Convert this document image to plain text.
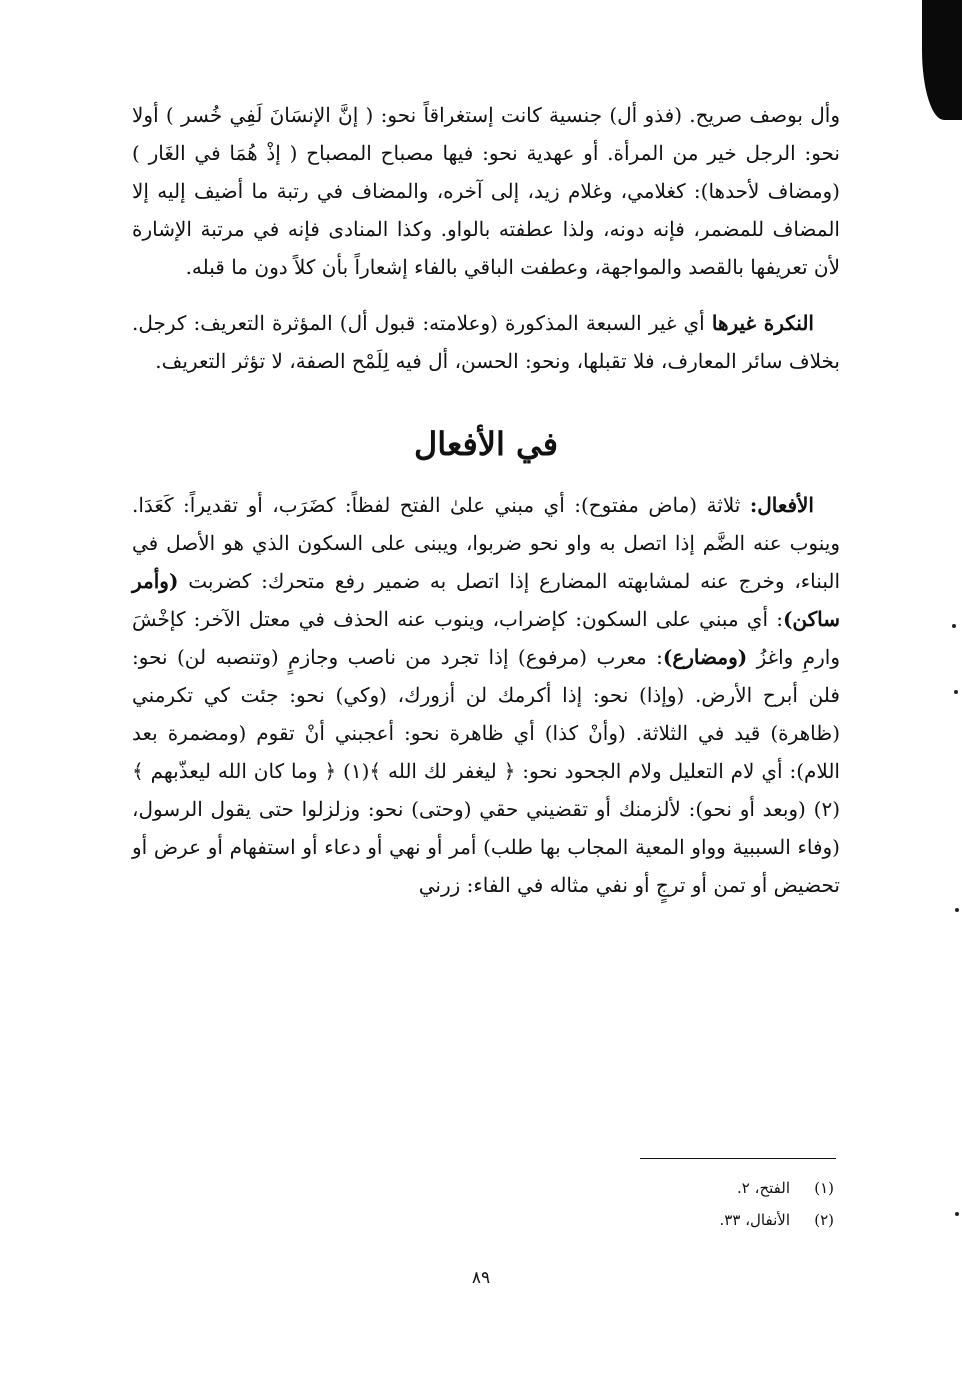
وأل بوصف صريح. (فذو أل) جنسية كانت إستغراقاً نحو: ( إنَّ الإنسَانَ لَفِي خُسر ) أولا نحو: الرجل خير من المرأة. أو عهدية نحو: فيها مصباح المصباح ( إذْ هُمَا في الغَار ) (ومضاف لأحدها): كغلامي، وغلام زيد، إلى آخره، والمضاف في رتبة ما أضيف إليه إلا المضاف للمضمر، فإنه دونه، ولذا عطفته بالواو. وكذا المنادى فإنه في مرتبة الإشارة لأن تعريفها بالقصد والمواجهة، وعطفت الباقي بالفاء إشعاراً بأن كلاً دون ما قبله.

النكرة غيرها أي غير السبعة المذكورة (وعلامته: قبول أل) المؤثرة التعريف: كرجل. بخلاف سائر المعارف، فلا تقبلها، ونحو: الحسن، أل فيه لِلَمْح الصفة، لا تؤثر التعريف.

في الأفعال

الأفعال: ثلاثة (ماض مفتوح): أي مبني علىٰ الفتح لفظاً: كضَرَب، أو تقديراً: كَعَدَا. وينوب عنه الضَّم إذا اتصل به واو نحو ضربوا، ويبنى على السكون الذي هو الأصل في البناء، وخرج عنه لمشابهته المضارع إذا اتصل به ضمير رفع متحرك: كضربت (وأمر ساكن): أي مبني على السكون: كإضراب، وينوب عنه الحذف في معتل الآخر: كإخْشَ وارمِ واغزُ (ومضارع): معرب (مرفوع) إذا تجرد من ناصب وجازمٍ (وتنصبه لن) نحو: فلن أبرح الأرض. (وإذا) نحو: إذا أكرمك لن أزورك، (وكي) نحو: جئت كي تكرمني (ظاهرة) قيد في الثلاثة. (وأنْ كذا) أي ظاهرة نحو: أعجبني أنْ تقوم (ومضمرة بعد اللام): أي لام التعليل ولام الجحود نحو: ﴿ ليغفر لك الله ﴾(١) ﴿ وما كان الله ليعذّبهم ﴾(٢) (وبعد أو نحو): لألزمنك أو تقضيني حقي (وحتى) نحو: وزلزلوا حتى يقول الرسول، (وفاء السببية وواو المعية المجاب بها طلب) أمر أو نهي أو دعاء أو استفهام أو عرض أو تحضيض أو تمن أو ترجٍ أو نفي مثاله في الفاء: زرني

(١)
الفتح، ٢.
(٢)
الأنفال، ٣٣.
٨٩
